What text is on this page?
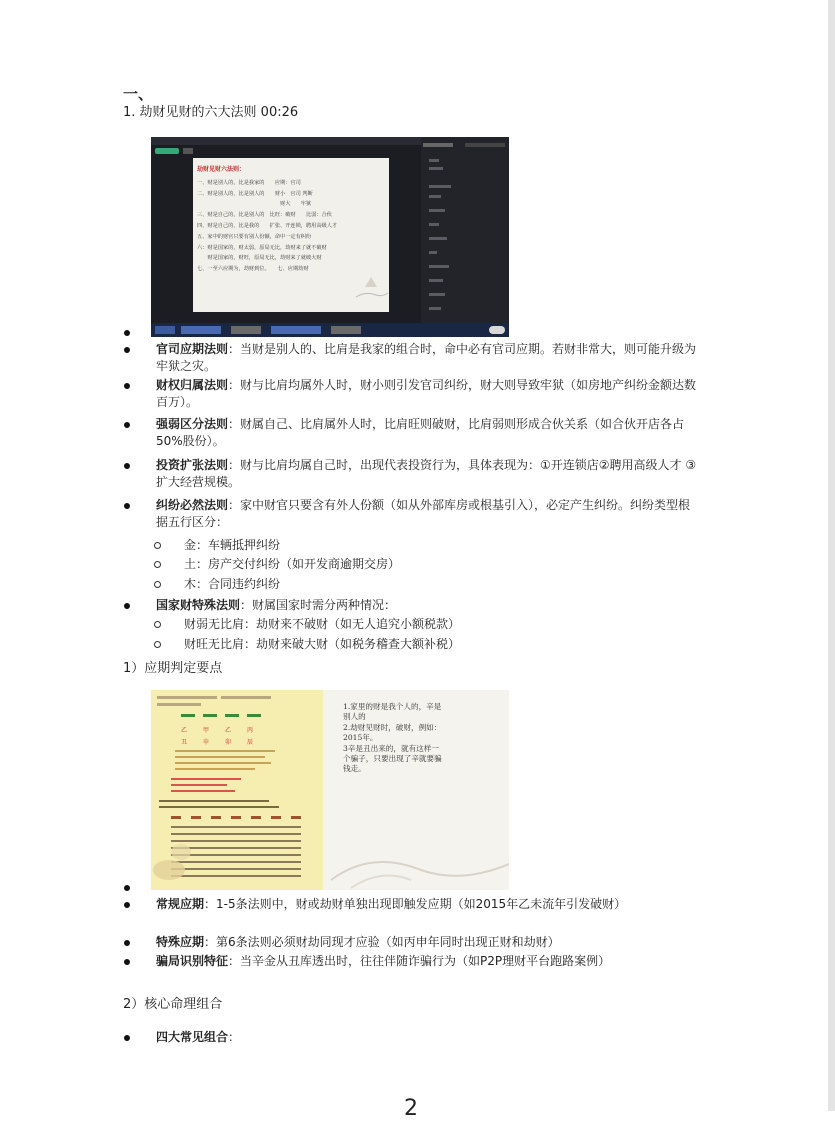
一、
1. 劫财见财的六大法则 00:26
劫财见财六法则：
一、财是别人的，比是我家的　　应期：官司
二、财是别人的，比是别人的　　财小　官司 判断
　　　　　　　　　　　　　　　　财大　　牢狱
三、财是自己的，比是别人的　比旺：破财　　比弱：合伙
四、财是自己的，比是我的　　扩张、开连锁，聘用高级人才
五、家中的财官只要有别人份额，命中一定有纠纷
六：财是国家的，财太弱，原局无比，劫财来了就不破财
　　财是国家的，财旺，原局无比，劫财来了就破大财
七、一至六应期为，劫财到位。　　七、应期劫财
官司应期法则：当财是别人的、比肩是我家的组合时，命中必有官司应期。若财非常大，则可能升级为牢狱之灾。
财权归属法则：财与比肩均属外人时，财小则引发官司纠纷，财大则导致牢狱（如房地产纠纷金额达数百万）。
强弱区分法则：财属自己、比肩属外人时，比肩旺则破财，比肩弱则形成合伙关系（如合伙开店各占50%股份）。
投资扩张法则：财与比肩均属自己时，出现代表投资行为，具体表现为：①开连锁店②聘用高级人才 ③扩大经营规模。
纠纷必然法则：家中财官只要含有外人份额（如从外部库房或根基引入），必定产生纠纷。纠纷类型根据五行区分：
金：车辆抵押纠纷
土：房产交付纠纷（如开发商逾期交房）
木：合同违约纠纷
国家财特殊法则：财属国家时需分两种情况：
财弱无比肩：劫财来不破财（如无人追究小额税款）
财旺无比肩：劫财来破大财（如税务稽查大额补税）
1）应期判定要点
乙	甲	乙	丙
丑	申	卯	辰
1.家里的财是我个人的，辛是
别人的
2.劫财见财时，破财，例如：
2015年。
3辛是丑出来的，就有这样一
个骗子，只要出现了辛就要骗
钱走。
常规应期：1-5条法则中，财或劫财单独出现即触发应期（如2015年乙未流年引发破财）
特殊应期：第6条法则必须财劫同现才应验（如丙申年同时出现正财和劫财）
骗局识别特征：当辛金从丑库透出时，往往伴随诈骗行为（如P2P理财平台跑路案例）
2）核心命理组合
四大常见组合：
2
